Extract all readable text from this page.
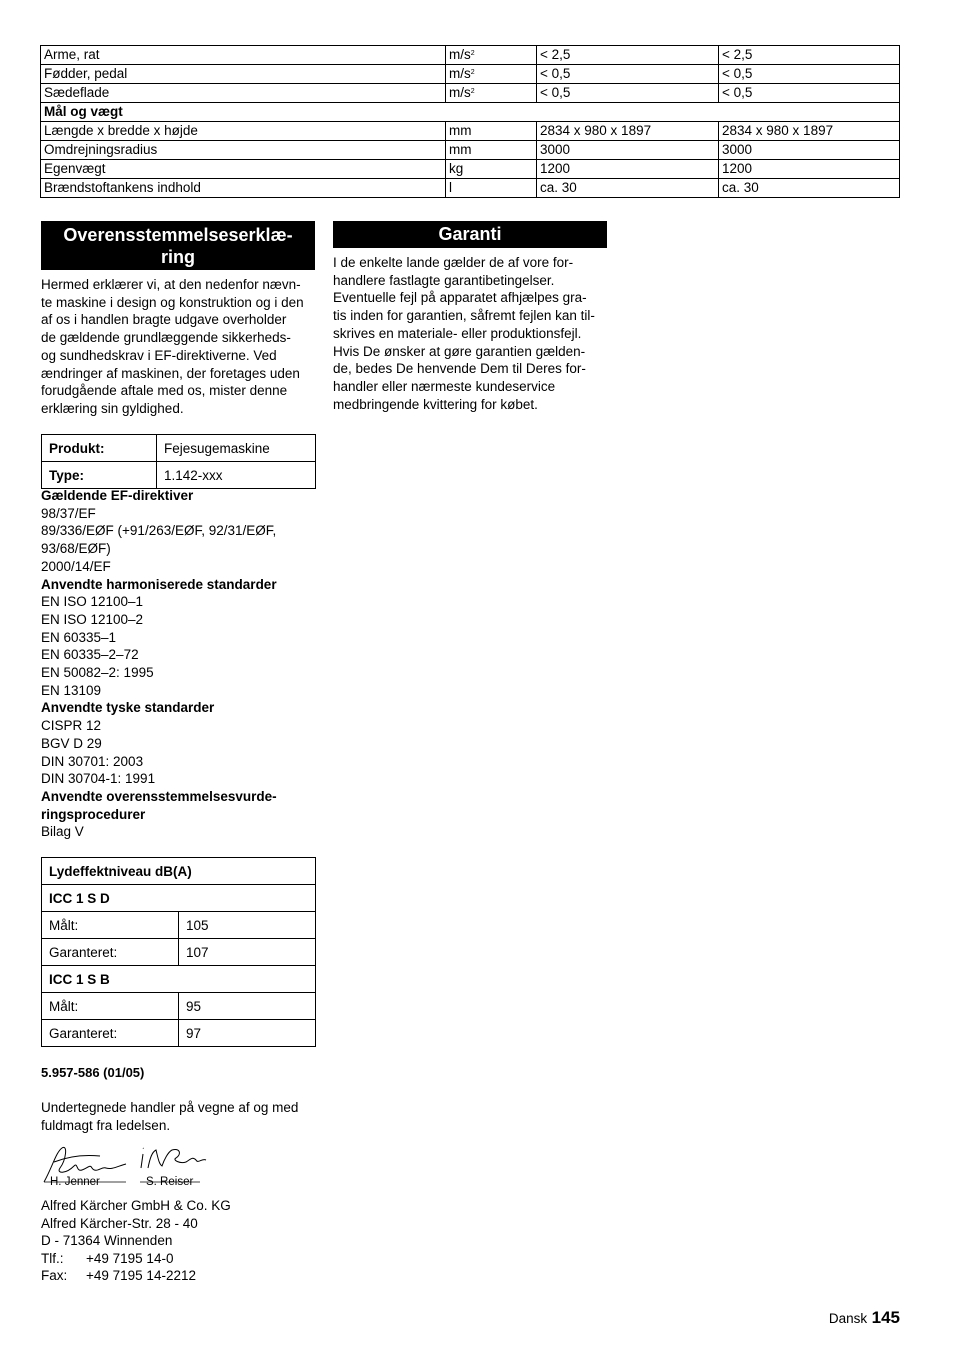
Arme, rat	$m/s^2$	< 2,5	< 2,5
Fødder, pedal	$m/s^2$	< 0,5	< 0,5
Sædeflade	$m/s^2$	< 0,5	< 0,5
Mål og vægt			
Længde x bredde x højde	mm	2834 x 980 x 1897	2834 x 980 x 1897
Omdrejningsradius	mm	3000	3000
Egenvægt	kg	1200	1200
Brændstoftankens indhold	l	ca. 30	ca. 30
Overensstemmelseserklæ-
ring
Hermed erklærer vi, at den nedenfor nævn-
te maskine i design og konstruktion og i den
af os i handlen bragte udgave overholder
de gældende grundlæggende sikkerheds-
og sundhedskrav i EF-direktiverne. Ved
ændringer af maskinen, der foretages uden
forudgående aftale med os, mister denne
erklæring sin gyldighed.
Produkt:	Fejesugemaskine
Type:	1.142-xxx
Gældende EF-direktiver
98/37/EF
89/336/EØF (+91/263/EØF, 92/31/EØF,
93/68/EØF)
2000/14/EF
Anvendte harmoniserede standarder
EN ISO 12100–1
EN ISO 12100–2
EN 60335–1
EN 60335–2–72
EN 50082–2: 1995
EN 13109
Anvendte tyske standarder
CISPR 12
BGV D 29
DIN 30701: 2003
DIN 30704-1: 1991
Anvendte overensstemmelsesvurde-
ringsprocedurer
Bilag V
Lydeffektniveau dB(A)	
ICC 1 S D	
Målt:	105
Garanteret:	107
ICC 1 S B	
Målt:	95
Garanteret:	97
5.957-586 (01/05)
Undertegnede handler på vegne af og med
fuldmagt fra ledelsen.
H. Jenner	S. Reiser
Alfred Kärcher GmbH & Co. KG
Alfred Kärcher-Str. 28 - 40
D - 71364 Winnenden
Tlf.: +49 7195 14-0
Fax: +49 7195 14-2212
Garanti
I de enkelte lande gælder de af vore for-
handlere fastlagte garantibetingelser.
Eventuelle fejl på apparatet afhjælpes gra-
tis inden for garantien, såfremt fejlen kan til-
skrives en materiale- eller produktionsfejl.
Hvis De ønsker at gøre garantien gælden-
de, bedes De henvende Dem til Deres for-
handler eller nærmeste kundeservice
medbringende kvittering for købet.
Dansk 145
